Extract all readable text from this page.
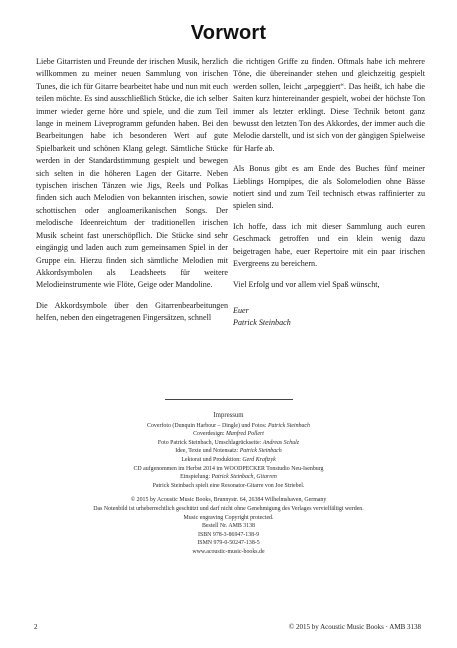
Vorwort

Liebe Gitarristen und Freunde der irischen Musik, herzlich willkommen zu meiner neuen Sammlung von irischen Tunes, die ich für Gitarre bearbeitet habe und nun mit euch teilen möchte. Es sind ausschließlich Stücke, die ich selber immer wieder gerne höre und spiele, und die zum Teil lange in meinem Liveprogramm gefunden haben. Bei den Bearbeitungen habe ich besonderen Wert auf gute Spielbarkeit und schönen Klang gelegt. Sämtliche Stücke werden in der Standardstimmung gespielt und bewegen sich selten in die höheren Lagen der Gitarre. Neben typischen irischen Tänzen wie Jigs, Reels und Polkas finden sich auch Melodien von bekannten irischen, sowie schottischen oder angloamerikanischen Songs. Der melodische Ideenreichtum der traditionellen irischen Musik scheint fast unerschöpflich. Die Stücke sind sehr eingängig und laden auch zum gemeinsamen Spiel in der Gruppe ein. Hierzu finden sich sämtliche Melodien mit Akkordsymbolen als Leadsheets für weitere Melodieinstrumente wie Flöte, Geige oder Mandoline.

Die Akkordsymbole über den Gitarrenbearbeitungen helfen, neben den eingetragenen Fingersätzen, schnell

die richtigen Griffe zu finden. Oftmals habe ich mehrere Töne, die übereinander stehen und gleichzeitig gespielt werden sollen, leicht „arpeggiert“. Das heißt, ich habe die Saiten kurz hintereinander gespielt, wobei der höchste Ton immer als letzter erklingt. Diese Technik betont ganz bewusst den letzten Ton des Akkordes, der immer auch die Melodie darstellt, und ist sich von der gängigen Spielweise für Harfe ab.

Als Bonus gibt es am Ende des Buches fünf meiner Lieblings Hornpipes, die als Solomelodien ohne Bässe notiert sind und zum Teil technisch etwas raffinierter zu spielen sind.

Ich hoffe, dass ich mit dieser Sammlung auch euren Geschmack getroffen und ein klein wenig dazu beigetragen habe, euer Repertoire mit ein paar irischen Evergreens zu bereichern.

Viel Erfolg und vor allem viel Spaß wünscht,

Euer
Patrick Steinbach
Impressum
Coverfoto (Dunquin Harbour – Dingle) und Fotos: Patrick Steinbach
Coverdesign: Manfred Pollert
Foto Patrick Steinbach, Umschlagrückseite: Andreas Schulz
Idee, Texte und Notensatz: Patrick Steinbach
Lektorat und Produktion: Gerd Kraftzyk
CD aufgenommen im Herbst 2014 im WOODPECKER Tonstudio Neu-Isenburg
Einspielung: Patrick Steinbach, Gitarren
Patrick Steinbach spielt eine Resonator-Gitarre von Joe Striebel.
© 2015 by Acoustic Music Books, Brunnystr. 64, 26384 Wilhelmshaven, Germany
Das Notenbild ist urheberrechtlich geschützt und darf nicht ohne Genehmigung des Verlages vervielfältigt werden.
Music engraving Copyright protected.
Bestell Nr. AMB 3138
ISBN 978-3-86947-138-9
ISMN 979-0-50247-138-5
www.acoustic-music-books.de
2	© 2015 by Acoustic Music Books · AMB 3138
